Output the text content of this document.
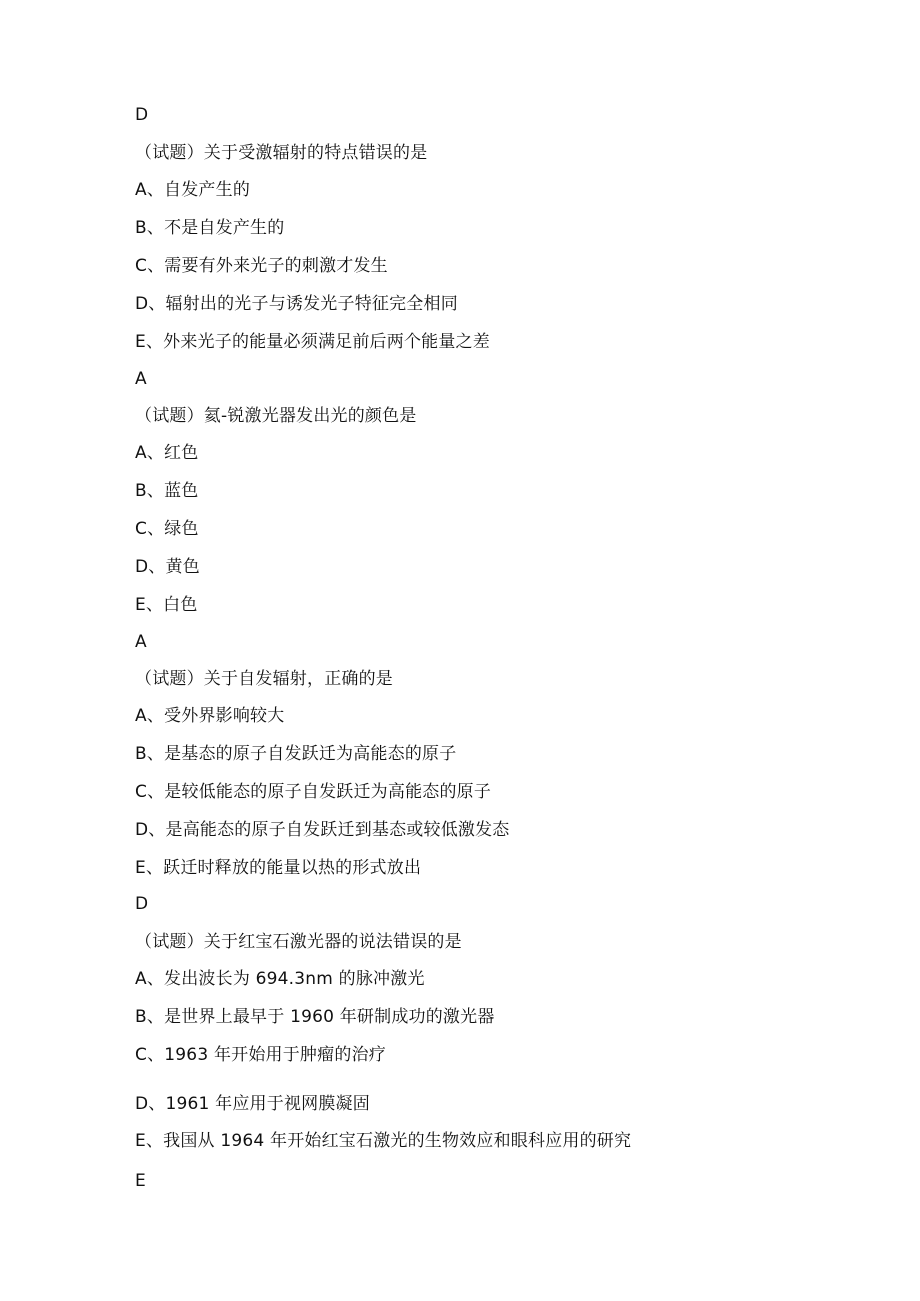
D
（试题）关于受激辐射的特点错误的是
A、自发产生的
B、不是自发产生的
C、需要有外来光子的刺激才发生
D、辐射出的光子与诱发光子特征完全相同
E、外来光子的能量必须满足前后两个能量之差
A
（试题）氦-锐激光器发出光的颜色是
A、红色
B、蓝色
C、绿色
D、黄色
E、白色
A
（试题）关于自发辐射，正确的是
A、受外界影响较大
B、是基态的原子自发跃迁为高能态的原子
C、是较低能态的原子自发跃迁为高能态的原子
D、是高能态的原子自发跃迁到基态或较低激发态
E、跃迁时释放的能量以热的形式放出
D
（试题）关于红宝石激光器的说法错误的是
A、发出波长为 694.3nm 的脉冲激光
B、是世界上最早于 1960 年研制成功的激光器
C、1963 年开始用于肿瘤的治疗
D、1961 年应用于视网膜凝固
E、我国从 1964 年开始红宝石激光的生物效应和眼科应用的研究
E
